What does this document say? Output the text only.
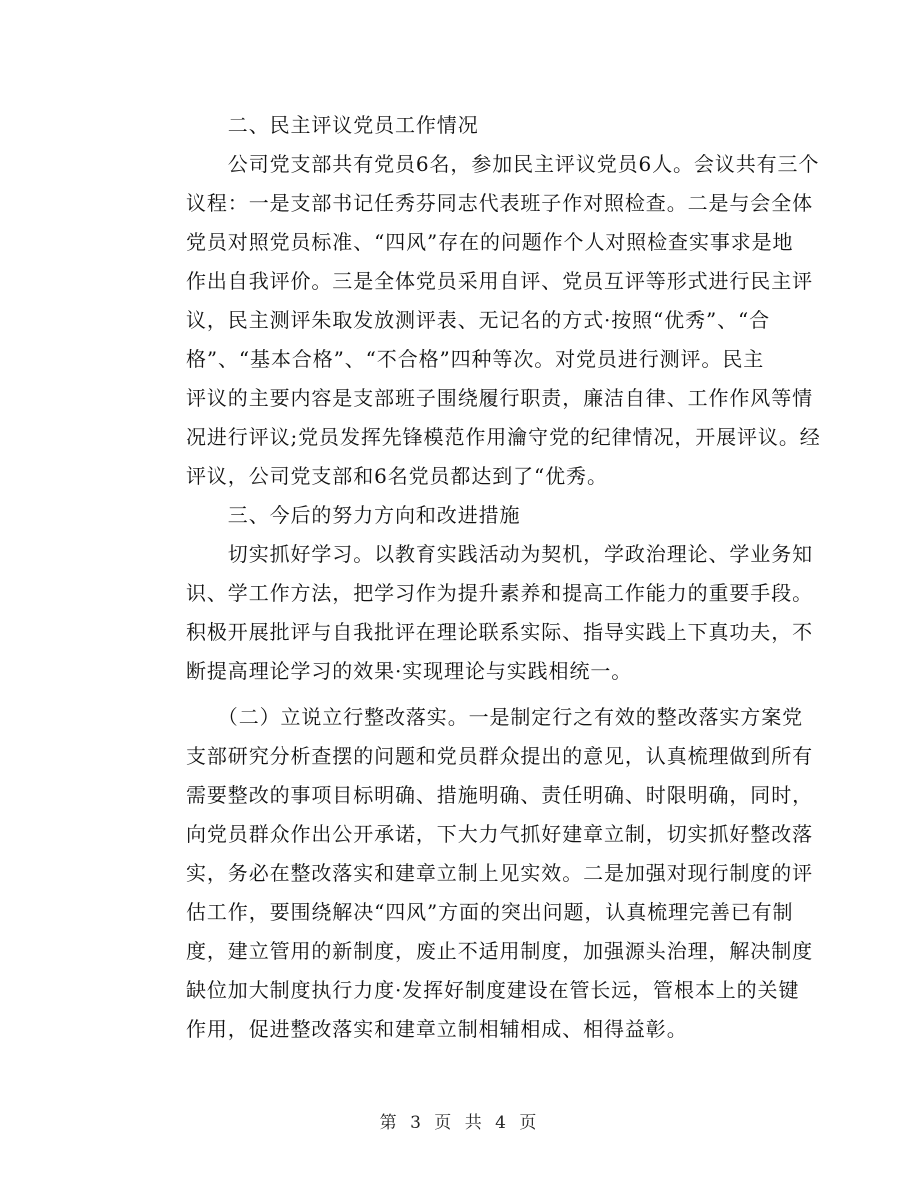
　　二、民主评议党员工作情况
　　公司党支部共有党员6名，参加民主评议党员6人。会议共有三个
议程：一是支部书记任秀芬同志代表班子作对照检查。二是与会全体
党员对照党员标准、“四风”存在的问题作个人对照检查实事求是地
作出自我评价。三是全体党员采用自评、党员互评等形式进行民主评
议，民主测评朱取发放测评表、无记名的方式·按照“优秀”、“合
格”、“基本合格”、“不合格”四种等次。对党员进行测评。民主
评议的主要内容是支部班子围绕履行职责，廉洁自律、工作作风等情
况进行评议;党员发挥先锋模范作用瀹守党的纪律情况，开展评议。经
评议，公司党支部和6名党员都达到了“优秀。
　　三、今后的努力方向和改进措施
　　切实抓好学习。以教育实践活动为契机，学政治理论、学业务知
识、学工作方法，把学习作为提升素养和提高工作能力的重要手段。
积极开展批评与自我批评在理论联系实际、指导实践上下真功夫，不
断提高理论学习的效果·实现理论与实践相统一。
　　（二）立说立行整改落实。一是制定行之有效的整改落实方案党
支部研究分析查摆的问题和党员群众提出的意见，认真梳理做到所有
需要整改的事项目标明确、措施明确、责任明确、时限明确，同时，
向党员群众作出公开承诺，下大力气抓好建章立制，切实抓好整改落
实，务必在整改落实和建章立制上见实效。二是加强对现行制度的评
估工作，要围绕解决“四风”方面的突出问题，认真梳理完善已有制
度，建立管用的新制度，废止不适用制度，加强源头治理，解决制度
缺位加大制度执行力度·发挥好制度建设在管长远，管根本上的关键
作用，促进整改落实和建章立制相辅相成、相得益彰。
第 3 页 共 4 页
